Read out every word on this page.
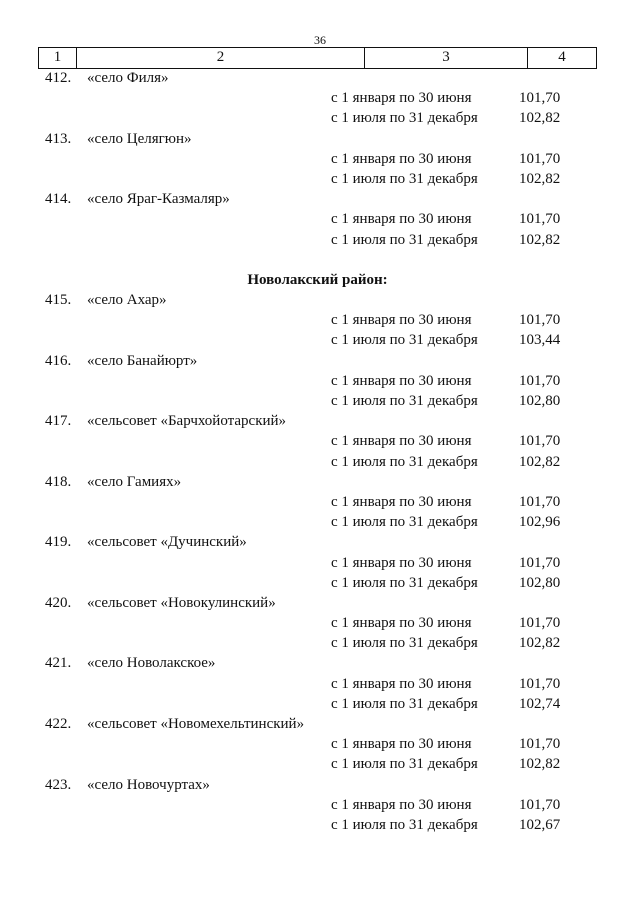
36
1	2	3	4
412. «село Филя»
с 1 января по 30 июня	101,70
с 1 июля по 31 декабря	102,82
413. «село Целягюн»
с 1 января по 30 июня	101,70
с 1 июля по 31 декабря	102,82
414. «село Яраг-Казмаляр»
с 1 января по 30 июня	101,70
с 1 июля по 31 декабря	102,82
Новолакский район:
415. «село Ахар»
с 1 января по 30 июня	101,70
с 1 июля по 31 декабря	103,44
416. «село Банайюрт»
с 1 января по 30 июня	101,70
с 1 июля по 31 декабря	102,80
417. «сельсовет «Барчхойотарский»
с 1 января по 30 июня	101,70
с 1 июля по 31 декабря	102,82
418. «село Гамиях»
с 1 января по 30 июня	101,70
с 1 июля по 31 декабря	102,96
419. «сельсовет «Дучинский»
с 1 января по 30 июня	101,70
с 1 июля по 31 декабря	102,80
420. «сельсовет «Новокулинский»
с 1 января по 30 июня	101,70
с 1 июля по 31 декабря	102,82
421. «село Новолакское»
с 1 января по 30 июня	101,70
с 1 июля по 31 декабря	102,74
422. «сельсовет «Новомехельтинский»
с 1 января по 30 июня	101,70
с 1 июля по 31 декабря	102,82
423. «село Новочуртах»
с 1 января по 30 июня	101,70
с 1 июля по 31 декабря	102,67
